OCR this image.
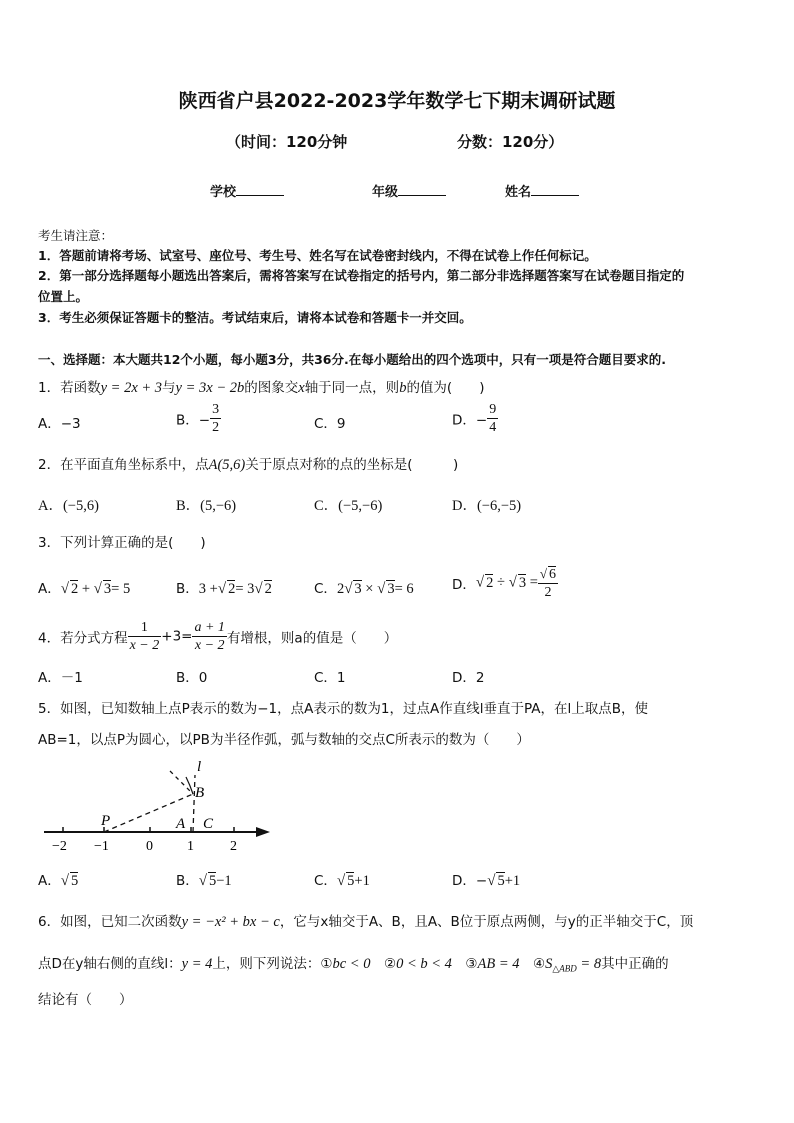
陕西省户县2022-2023学年数学七下期末调研试题
（时间：120分钟	分数：120分）
学校	年级	姓名
考生请注意：
1．答题前请将考场、试室号、座位号、考生号、姓名写在试卷密封线内，不得在试卷上作任何标记。
2．第一部分选择题每小题选出答案后，需将答案写在试卷指定的括号内，第二部分非选择题答案写在试卷题目指定的
位置上。
3．考生必须保证答题卡的整洁。考试结束后，请将本试卷和答题卡一并交回。
一、选择题：本大题共12个小题，每小题3分，共36分.在每小题给出的四个选项中，只有一项是符合题目要求的.
1．若函数y = 2x + 3与y = 3x − 2b的图象交x轴于同一点，则b的值为(　　)
A．−3	B．− $\frac{3}{2}$	C．9	D．− $\frac{9}{4}$
2．在平面直角坐标系中，点A(5,6)关于原点对称的点的坐标是(　　　)
A．(−5,6)	B．(5,−6)	C．(−5,−6)	D．(−6,−5)
3．下列计算正确的是(　　)
A．√ 2 + √ 3= 5	B．3 +√ 2= 3√ 2	C．2√ 3 × √ 3= 6	D．√ 2 ÷ √ $3 = \frac{√ 6}{2}$
4．若分式方程 $\frac{1}{x - 2} +3= \frac{a + 1}{x - 2}$ 有增根，则a的值是（　　）
A．－1	B．0	C．1	D．2
5．如图，已知数轴上点P表示的数为−1，点A表示的数为1，过点A作直线l垂直于PA，在l上取点B，使
AB=1，以点P为圆心，以PB为半径作弧，弧与数轴的交点C所表示的数为（　　）
l
B
P	A C
−2 −1	0 1	2
A．√ 5	B．√ 5−1	C．√ 5+1	D．−√ 5+1
6．如图，已知二次函数y = −x² + bx − c，它与x轴交于A、B，且A、B位于原点两侧，与y的正半轴交于C，顶
点D在y轴右侧的直线l：y = 4上，则下列说法：①bc < 0　②0 < b < 4　③AB = 4　$④S_{\triangle ABD} = 8$其中正确的
结论有（　　）
